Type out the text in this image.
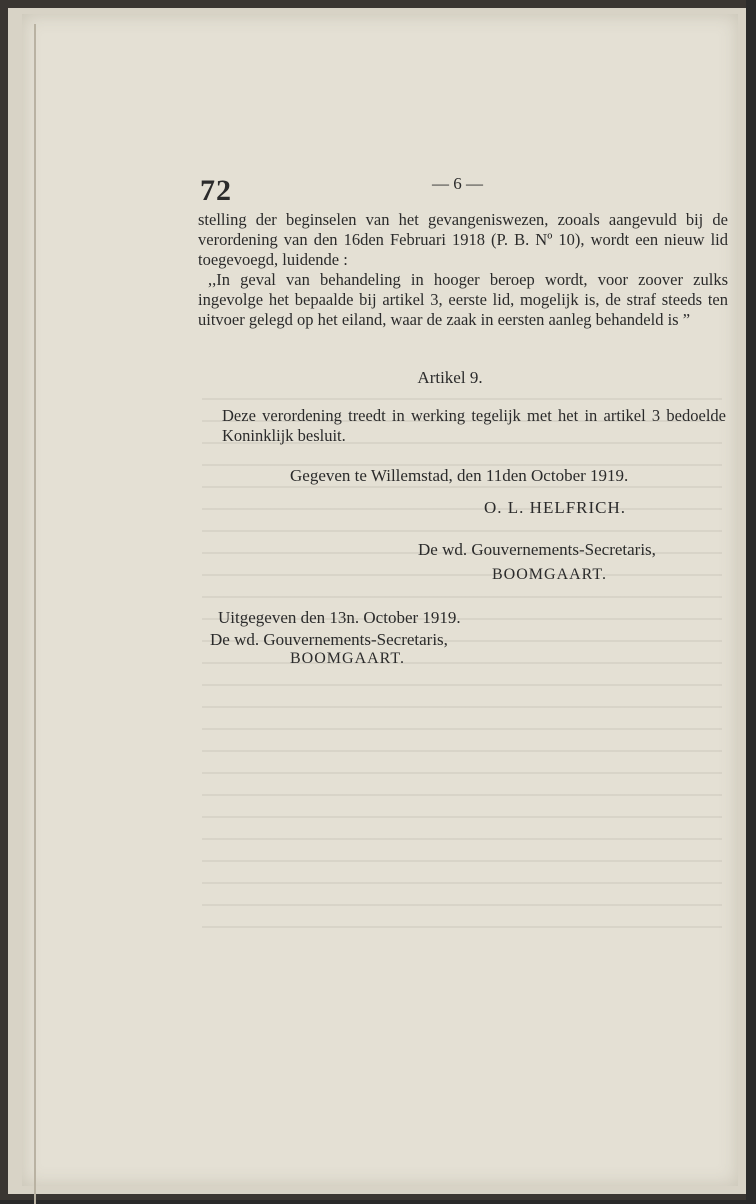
72	— 6 —

stelling der beginselen van het gevangeniswezen, zooals aangevuld bij de verordening van den 16den Februari 1918 (P. B. Nº 10), wordt een nieuw lid toegevoegd, luidende :

,,In geval van behandeling in hooger beroep wordt, voor zoover zulks ingevolge het bepaalde bij artikel 3, eerste lid, mogelijk is, de straf steeds ten uitvoer gelegd op het eiland, waar de zaak in eersten aanleg behandeld is ”

Artikel 9.
Deze verordening treedt in werking tegelijk met het in artikel 3 bedoelde Koninklijk besluit.
Gegeven te Willemstad, den 11den October 1919.
O. L. HELFRICH.
De wd. Gouvernements-Secretaris,
BOOMGAART.
Uitgegeven den 13n. October 1919.
De wd. Gouvernements-Secretaris,
BOOMGAART.
